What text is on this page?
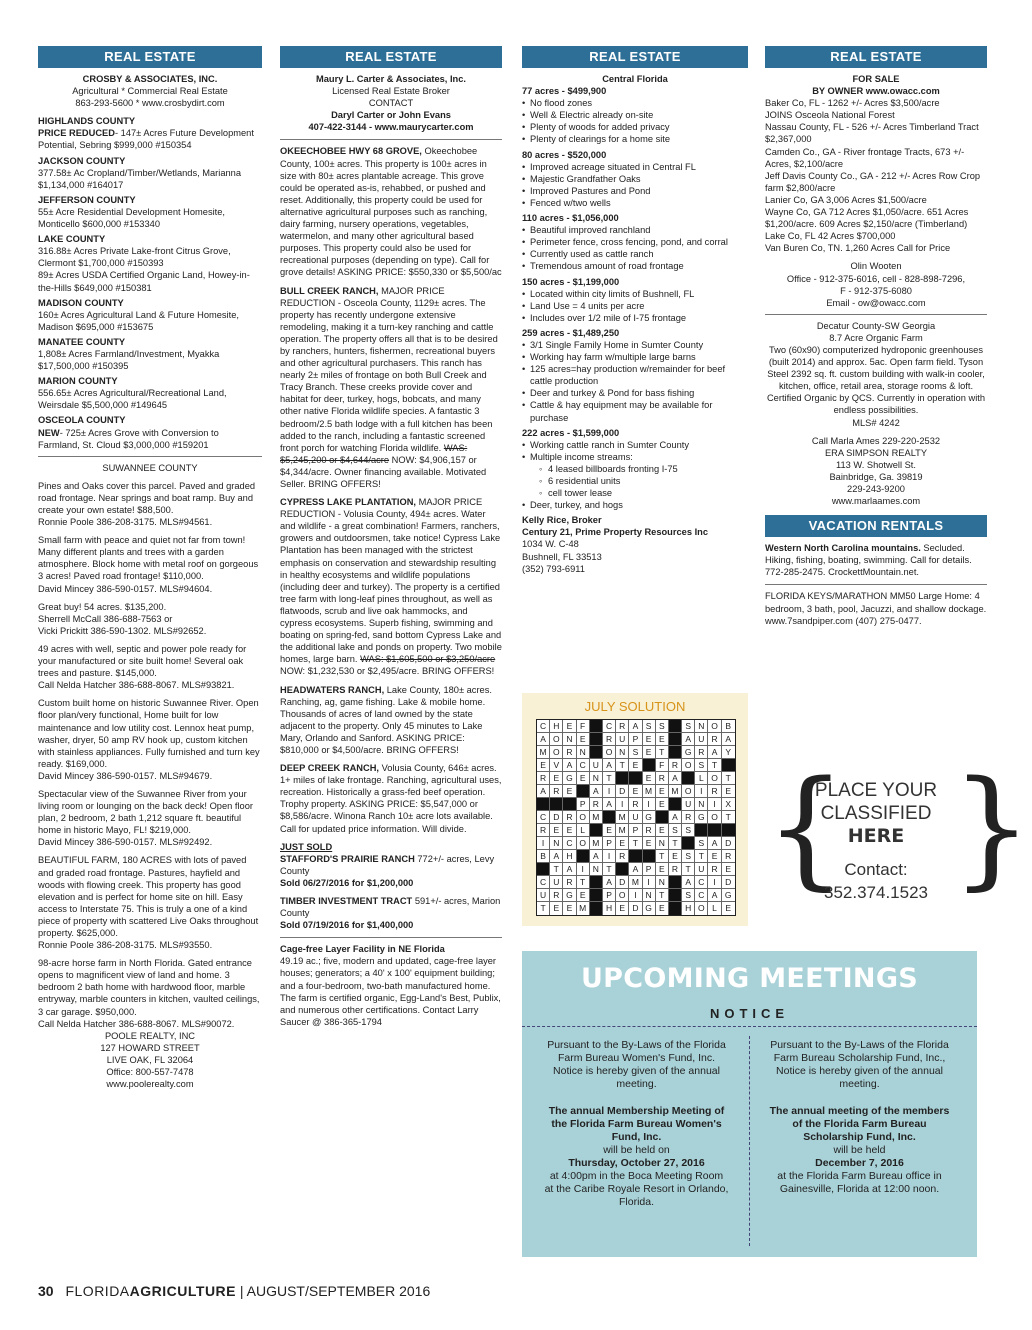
REAL ESTATE
CROSBY & ASSOCIATES, INC.
Agricultural * Commercial Real Estate
863-293-5600 * www.crosbydirt.com
HIGHLANDS COUNTY
PRICE REDUCED- 147± Acres Future Development Potential, Sebring $999,000 #150354
JACKSON COUNTY
377.58± Ac Cropland/Timber/Wetlands, Marianna $1,134,000 #164017
JEFFERSON COUNTY
55± Acre Residential Development Homesite, Monticello $600,000 #153340
LAKE COUNTY
316.88± Acres Private Lake-front Citrus Grove, Clermont $1,700,000 #150393
89± Acres USDA Certified Organic Land, Howey-in-the-Hills $649,000 #150381
MADISON COUNTY
160± Acres Agricultural Land & Future Homesite, Madison $695,000 #153675
MANATEE COUNTY
1,808± Acres Farmland/Investment, Myakka $17,500,000 #150395
MARION COUNTY
556.65± Acres Agricultural/Recreational Land, Weirsdale $5,500,000 #149645
OSCEOLA COUNTY
NEW- 725± Acres Grove with Conversion to Farmland, St. Cloud $3,000,000 #159201
SUWANNEE COUNTY
Pines and Oaks cover this parcel. Paved and graded road frontage. Near springs and boat ramp. Buy and create your own estate! $88,500.
Ronnie Poole 386-208-3175. MLS#94561.
Small farm with peace and quiet not far from town! Many different plants and trees with a garden atmosphere. Block home with metal roof on gorgeous 3 acres! Paved road frontage! $110,000.
David Mincey 386-590-0157. MLS#94604.
Great buy! 54 acres. $135,200.
Sherrell McCall 386-688-7563 or
Vicki Prickitt 386-590-1302. MLS#92652.
49 acres with well, septic and power pole ready for your manufactured or site built home! Several oak trees and pasture. $145,000.
Call Nelda Hatcher 386-688-8067. MLS#93821.
Custom built home on historic Suwannee River. Open floor plan/very functional, Home built for low maintenance and low utility cost. Lennox heat pump, washer, dryer, 50 amp RV hook up, custom kitchen with stainless appliances. Fully furnished and turn key ready. $169,000.
David Mincey 386-590-0157. MLS#94679.
Spectacular view of the Suwannee River from your living room or lounging on the back deck! Open floor plan, 2 bedroom, 2 bath 1,212 square ft. beautiful home in historic Mayo, FL! $219,000.
David Mincey 386-590-0157. MLS#92492.
BEAUTIFUL FARM, 180 ACRES with lots of paved and graded road frontage. Pastures, hayfield and woods with flowing creek. This property has good elevation and is perfect for home site on hill. Easy access to Interstate 75. This is truly a one of a kind piece of property with scattered Live Oaks throughout property. $625,000.
Ronnie Poole 386-208-3175. MLS#93550.
98-acre horse farm in North Florida. Gated entrance opens to magnificent view of land and home. 3 bedroom 2 bath home with hardwood floor, marble entryway, marble counters in kitchen, vaulted ceilings, 3 car garage. $950,000.
Call Nelda Hatcher 386-688-8067. MLS#90072.
POOLE REALTY, INC
127 HOWARD STREET
LIVE OAK, FL 32064
Office: 800-557-7478
www.poolerealty.com
REAL ESTATE
Maury L. Carter & Associates, Inc.
Licensed Real Estate Broker
CONTACT
Daryl Carter or John Evans
407-422-3144 - www.maurycarter.com
OKEECHOBEE HWY 68 GROVE, Okeechobee County, 100± acres. This property is 100± acres in size with 80± acres plantable acreage. This grove could be operated as-is, rehabbed, or pushed and reset. Additionally, this property could be used for alternative agricultural purposes such as ranching, dairy farming, nursery operations, vegetables, watermelon, and many other agricultural based purposes. This property could also be used for recreational purposes (depending on type). Call for grove details! ASKING PRICE: $550,330 or $5,500/ac
BULL CREEK RANCH, MAJOR PRICE REDUCTION - Osceola County, 1129± acres. The property has recently undergone extensive remodeling, making it a turn-key ranching and cattle operation. The property offers all that is to be desired by ranchers, hunters, fishermen, recreational buyers and other agricultural purchasers. This ranch has nearly 2± miles of frontage on both Bull Creek and Tracy Branch. These creeks provide cover and habitat for deer, turkey, hogs, bobcats, and many other native Florida wildlife species. A fantastic 3 bedroom/2.5 bath lodge with a full kitchen has been added to the ranch, including a fantastic screened front porch for watching Florida wildlife. WAS: $5,245,200 or $4,644/acre NOW: $4,906,157 or $4,344/acre. Owner financing available. Motivated Seller. BRING OFFERS!
CYPRESS LAKE PLANTATION, MAJOR PRICE REDUCTION - Volusia County, 494± acres. Water and wildlife - a great combination! Farmers, ranchers, growers and outdoorsmen, take notice! Cypress Lake Plantation has been managed with the strictest emphasis on conservation and stewardship resulting in healthy ecosystems and wildlife populations (including deer and turkey). The property is a certified tree farm with long-leaf pines throughout, as well as flatwoods, scrub and live oak hammocks, and cypress ecosystems. Superb fishing, swimming and boating on spring-fed, sand bottom Cypress Lake and the additional lake and ponds on property. Two mobile homes, large barn. WAS: $1,605,500 or $3,250/acre NOW: $1,232,530 or $2,495/acre. BRING OFFERS!
HEADWATERS RANCH, Lake County, 180± acres. Ranching, ag, game fishing. Lake & mobile home. Thousands of acres of land owned by the state adjacent to the property. Only 45 minutes to Lake Mary, Orlando and Sanford. ASKING PRICE: $810,000 or $4,500/acre. BRING OFFERS!
DEEP CREEK RANCH, Volusia County, 646± acres. 1+ miles of lake frontage. Ranching, agricultural uses, recreation. Historically a grass-fed beef operation. Trophy property. ASKING PRICE: $5,547,000 or $8,586/acre. Winona Ranch 10± acre lots available. Call for updated price information. Will divide.
JUST SOLD
STAFFORD'S PRAIRIE RANCH 772+/- acres, Levy County
Sold 06/27/2016 for $1,200,000
TIMBER INVESTMENT TRACT 591+/- acres, Marion County
Sold 07/19/2016 for $1,400,000
Cage-free Layer Facility in NE Florida
49.19 ac.; five, modern and updated, cage-free layer houses; generators; a 40' x 100' equipment building; and a four-bedroom, two-bath manufactured home. The farm is certified organic, Egg-Land's Best, Publix, and numerous other certifications. Contact Larry Saucer @ 386-365-1794
REAL ESTATE
Central Florida
77 acres - $499,900
• No flood zones
• Well & Electric already on-site
• Plenty of woods for added privacy
• Plenty of clearings for a home site
80 acres - $520,000
• Improved acreage situated in Central FL
• Majestic Grandfather Oaks
• Improved Pastures and Pond
• Fenced w/two wells
110 acres - $1,056,000
• Beautiful improved ranchland
• Perimeter fence, cross fencing, pond, and corral
• Currently used as cattle ranch
• Tremendous amount of road frontage
150 acres - $1,199,000
• Located within city limits of Bushnell, FL
• Land Use = 4 units per acre
• Includes over 1/2 mile of I-75 frontage
259 acres - $1,489,250
• 3/1 Single Family Home in Sumter County
• Working hay farm w/multiple large barns
• 125 acres=hay production w/remainder for beef cattle production
• Deer and turkey & Pond for bass fishing
• Cattle & hay equipment may be available for purchase
222 acres - $1,599,000
• Working cattle ranch in Sumter County
• Multiple income streams:
◦ 4 leased billboards fronting I-75
◦ 6 residential units
◦ cell tower lease
• Deer, turkey, and hogs
Kelly Rice, Broker
Century 21, Prime Property Resources Inc
1034 W. C-48
Bushnell, FL 33513
(352) 793-6911
JULY SOLUTION
C H E F	C R A S S	S N O B
A O N E	R U P E E	A U R A
M O R N	O N S E T	G R A Y
E V A C U A T E	F R O S T
R E G E N T	E R A	L O T
A R E	A	I	D E M E M O	I	R E
P R A	I	R	I	E	U N	I	X
C D R O M	M U G	A R G O T
R E E L	E M P R E S S
I	N C O M P E T E N T	S A D
B A H	A	I	R	T E S T E R
T A	I	N T	A P E R T U R E
C U R T	A D M I	N	A C	I	D
U R G E	P O	I	N T	S C A G
T E E M	H E D G E	H O L E
REAL ESTATE
FOR SALE
BY OWNER www.owacc.com
Baker Co, FL - 1262 +/- Acres $3,500/acre
JOINS Osceola National Forest
Nassau County, FL - 526 +/- Acres Timberland Tract $2,367,000
Camden Co., GA - River frontage Tracts, 673 +/- Acres, $2,100/acre
Jeff Davis County Co., GA - 212 +/- Acres Row Crop farm $2,800/acre
Lanier Co, GA 3,006 Acres $1,500/acre
Wayne Co, GA 712 Acres $1,050/acre. 651 Acres $1,200/acre. 609 Acres $2,150/acre (Timberland)
Lake Co, FL 42 Acres $700,000
Van Buren Co, TN. 1,260 Acres Call for Price
Olin Wooten
Office - 912-375-6016, cell - 828-898-7296,
F - 912-375-6080
Email - ow@owacc.com
Decatur County-SW Georgia
8.7 Acre Organic Farm
Two (60x90) computerized hydroponic greenhouses (built 2014) and approx. 5ac. Open farm field. Tyson Steel 2392 sq. ft. custom building with walk-in cooler, kitchen, office, retail area, storage rooms & loft. Certified Organic by QCS. Currently in operation with endless possibilities.
MLS# 4242
Call Marla Ames 229-220-2532
ERA SIMPSON REALTY
113 W. Shotwell St.
Bainbridge, Ga. 39819
229-243-9200
www.marlaames.com
VACATION RENTALS
Western North Carolina mountains. Secluded. Hiking, fishing, boating, swimming. Call for details. 772-285-2475. CrockettMountain.net.
FLORIDA KEYS/MARATHON MM50 Large Home: 4 bedroom, 3 bath, pool, Jacuzzi, and shallow dockage. www.7sandpiper.com (407) 275-0477.
{ }
PLACE YOUR
CLASSIFIED
HERE
Contact:
352.374.1523
UPCOMING MEETINGS
NOTICE
Pursuant to the By-Laws of the Florida Farm Bureau Women's Fund, Inc. Notice is hereby given of the annual meeting.
The annual Membership Meeting of the Florida Farm Bureau Women's Fund, Inc.
will be held on
Thursday, October 27, 2016
at 4:00pm in the Boca Meeting Room at the Caribe Royale Resort in Orlando, Florida.
Pursuant to the By-Laws of the Florida Farm Bureau Scholarship Fund, Inc., Notice is hereby given of the annual meeting.
The annual meeting of the members of the Florida Farm Bureau Scholarship Fund, Inc.
will be held
December 7, 2016
at the Florida Farm Bureau office in Gainesville, Florida at 12:00 noon.
30 FLORIDAAGRICULTURE | AUGUST/SEPTEMBER 2016
